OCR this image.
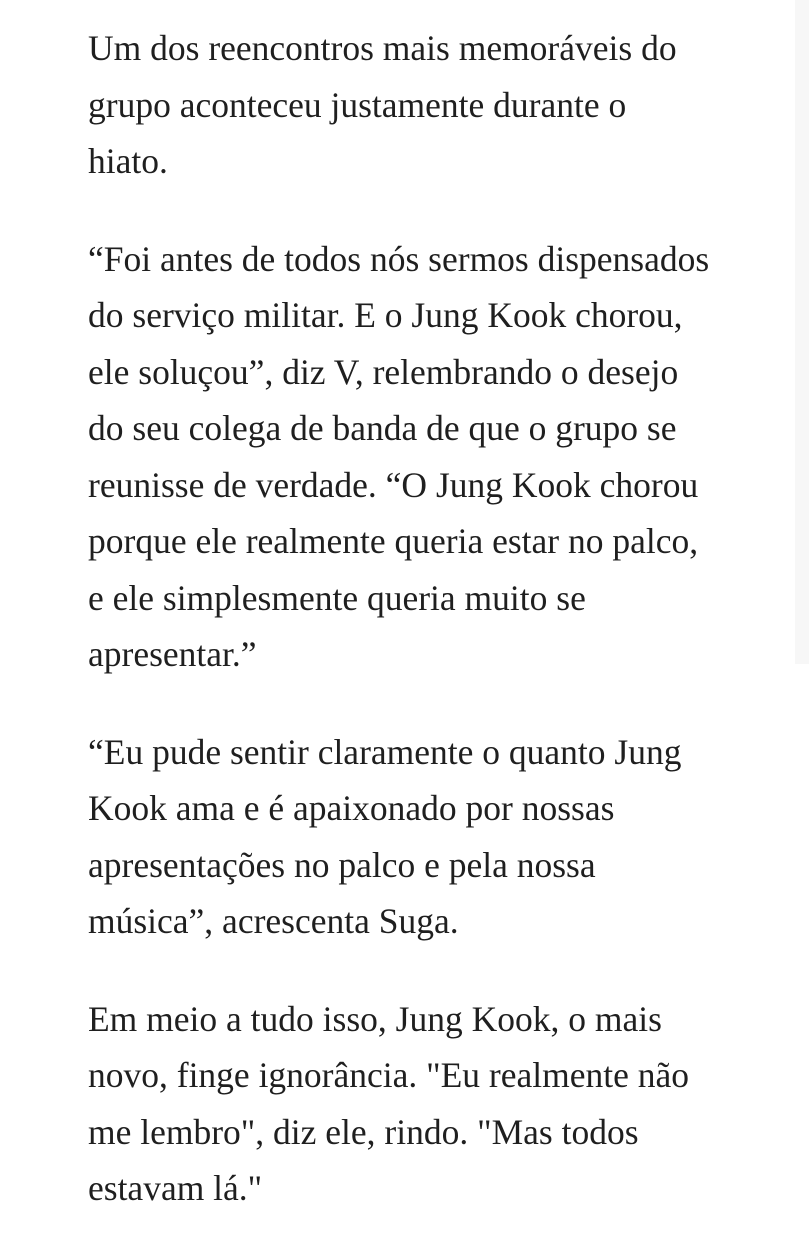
Um dos reencontros mais memoráveis do
grupo aconteceu justamente durante o
hiato.

“Foi antes de todos nós sermos dispensados
do serviço militar. E o Jung Kook chorou,
ele soluçou”, diz V, relembrando o desejo
do seu colega de banda de que o grupo se
reunisse de verdade. “O Jung Kook chorou
porque ele realmente queria estar no palco,
e ele simplesmente queria muito se
apresentar.”

“Eu pude sentir claramente o quanto Jung
Kook ama e é apaixonado por nossas
apresentações no palco e pela nossa
música”, acrescenta Suga.

Em meio a tudo isso, Jung Kook, o mais
novo, finge ignorância. "Eu realmente não
me lembro", diz ele, rindo. "Mas todos
estavam lá."
